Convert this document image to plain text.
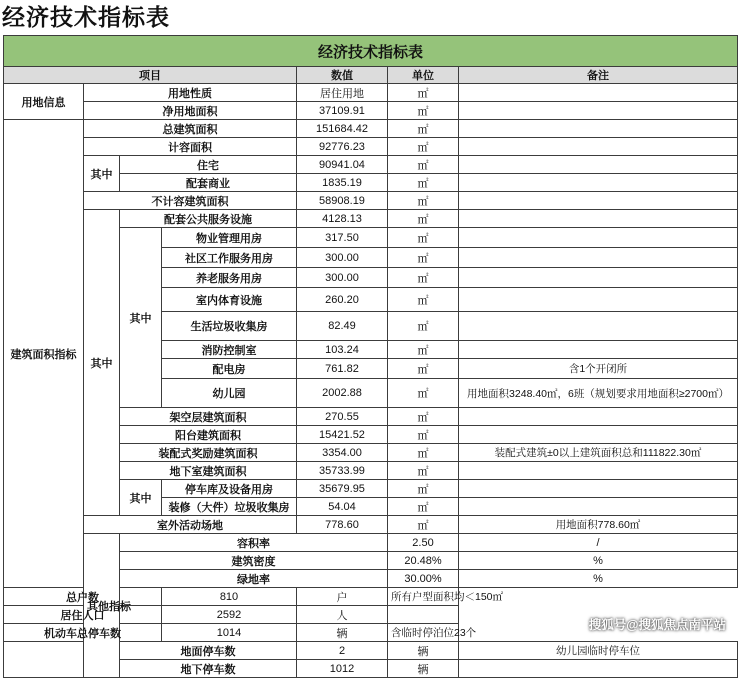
经济技术指标表
经济技术指标表							
项目				数值	单位	备注	
用地信息	用地性质			居住用地	㎡		
	净用地面积			37109.91	㎡		
建筑面积指标	总建筑面积			151684.42	㎡		
	计容面积			92776.23	㎡		
	其中	住宅		90941.04	㎡		
		配套商业		1835.19	㎡		
	不计容建筑面积			58908.19	㎡		
	其中	配套公共服务设施		4128.13	㎡		
		其中	物业管理用房	317.50	㎡		
			社区工作服务用房	300.00	㎡		
			养老服务用房	300.00	㎡		
			室内体育设施	260.20	㎡		
			生活垃圾收集房	82.49	㎡		
			消防控制室	103.24	㎡		
			配电房	761.82	㎡	含1个开闭所	
			幼儿园	2002.88	㎡	用地面积3248.40㎡，6班（规划要求用地面积≥2700㎡）	
		架空层建筑面积		270.55	㎡		
		阳台建筑面积		15421.52	㎡		
		装配式奖励建筑面积		3354.00	㎡	装配式建筑±0以上建筑面积总和111822.30㎡	
		地下室建筑面积		35733.99	㎡		
		其中	停车库及设备用房	35679.95	㎡		
			装修（大件）垃圾收集房	54.04	㎡		
	室外活动场地			778.60	㎡	用地面积778.60㎡	
	其他指标	容积率			2.50	/	
		建筑密度			20.48%	%	
		绿地率			30.00%	%	
总户数			810	户	所有户型面积均＜150㎡		
居住人口			2592	人			
机动车总停车数			1014	辆	含临时停泊位23个		
		地面停车数		2	辆	幼儿园临时停车位	
		地下停车数		1012	辆		
搜狐号@搜狐焦点南平站
